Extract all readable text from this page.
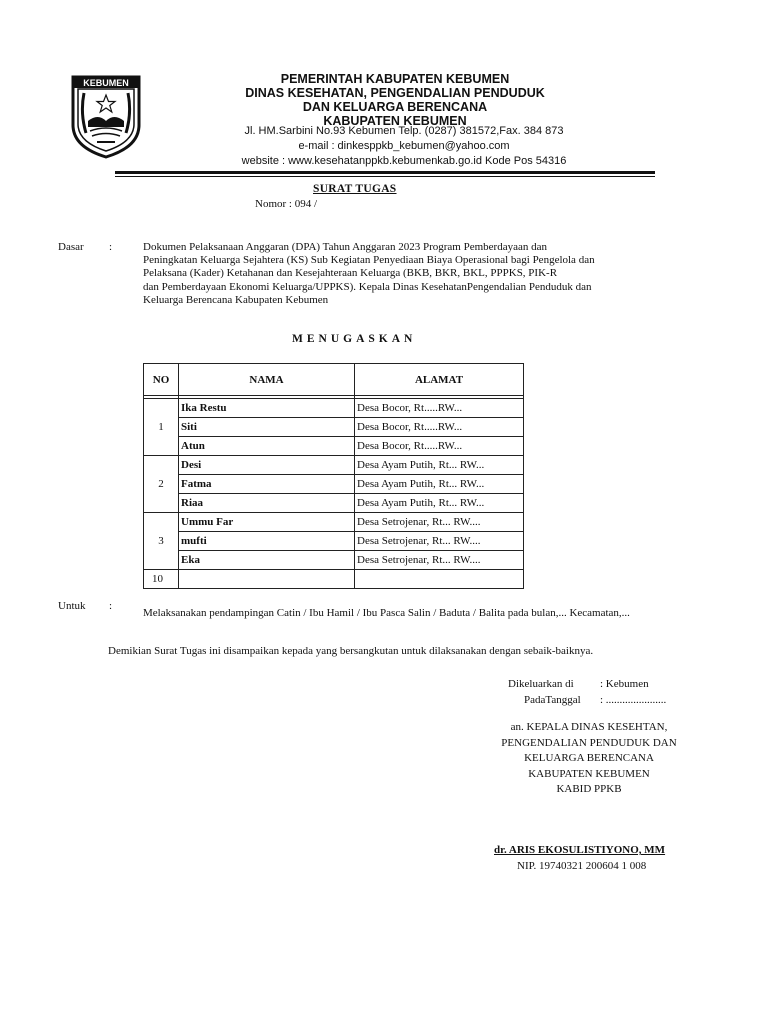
KEBUMEN	PEMERINTAH KABUPATEN KEBUMEN
DINAS KESEHATAN, PENGENDALIAN PENDUDUK
DAN KELUARGA BERENCANA
KABUPATEN KEBUMEN
Jl. HM.Sarbini No.93 Kebumen Telp. (0287) 381572,Fax. 384 873
e-mail : dinkesppkb_kebumen@yahoo.com
website : www.kesehatanppkb.kebumenkab.go.id Kode Pos 54316
SURAT TUGAS
Nomor : 094 /
Dasar :	Dokumen Pelaksanaan Anggaran (DPA) Tahun Anggaran 2023 Program Pemberdayaan dan
Peningkatan Keluarga Sejahtera (KS) Sub Kegiatan Penyediaan Biaya Operasional bagi Pengelola dan
Pelaksana (Kader) Ketahanan dan Kesejahteraan Keluarga (BKB, BKR, BKL, PPPKS, PIK-R
dan Pemberdayaan Ekonomi Keluarga/UPPKS). Kepala Dinas KesehatanPengendalian Penduduk dan
Keluarga Berencana Kabupaten Kebumen
MENUGASKAN
NO	NAMA	ALAMAT

1	Ika Restu	Desa Bocor, Rt.....RW...
	Siti	Desa Bocor, Rt.....RW...
	Atun	Desa Bocor, Rt.....RW...
2	Desi	Desa Ayam Putih, Rt... RW...
	Fatma	Desa Ayam Putih, Rt... RW...
	Riaa	Desa Ayam Putih, Rt... RW...
3	Ummu Far	Desa Setrojenar, Rt... RW....
	mufti	Desa Setrojenar, Rt... RW....
	Eka	Desa Setrojenar, Rt... RW....
10		
Untuk :
Melaksanakan pendampingan Catin / Ibu Hamil / Ibu Pasca Salin / Baduta / Balita pada bulan,... Kecamatan,...
Demikian Surat Tugas ini disampaikan kepada yang bersangkutan untuk dilaksanakan dengan sebaik-baiknya.
Dikeluarkan di : Kebumen
PadaTanggal : ......................
an. KEPALA DINAS KESEHTAN,
PENGENDALIAN PENDUDUK DAN
KELUARGA BERENCANA
KABUPATEN KEBUMEN
KABID PPKB
dr. ARIS EKOSULISTIYONO, MM
NIP. 19740321 200604 1 008
